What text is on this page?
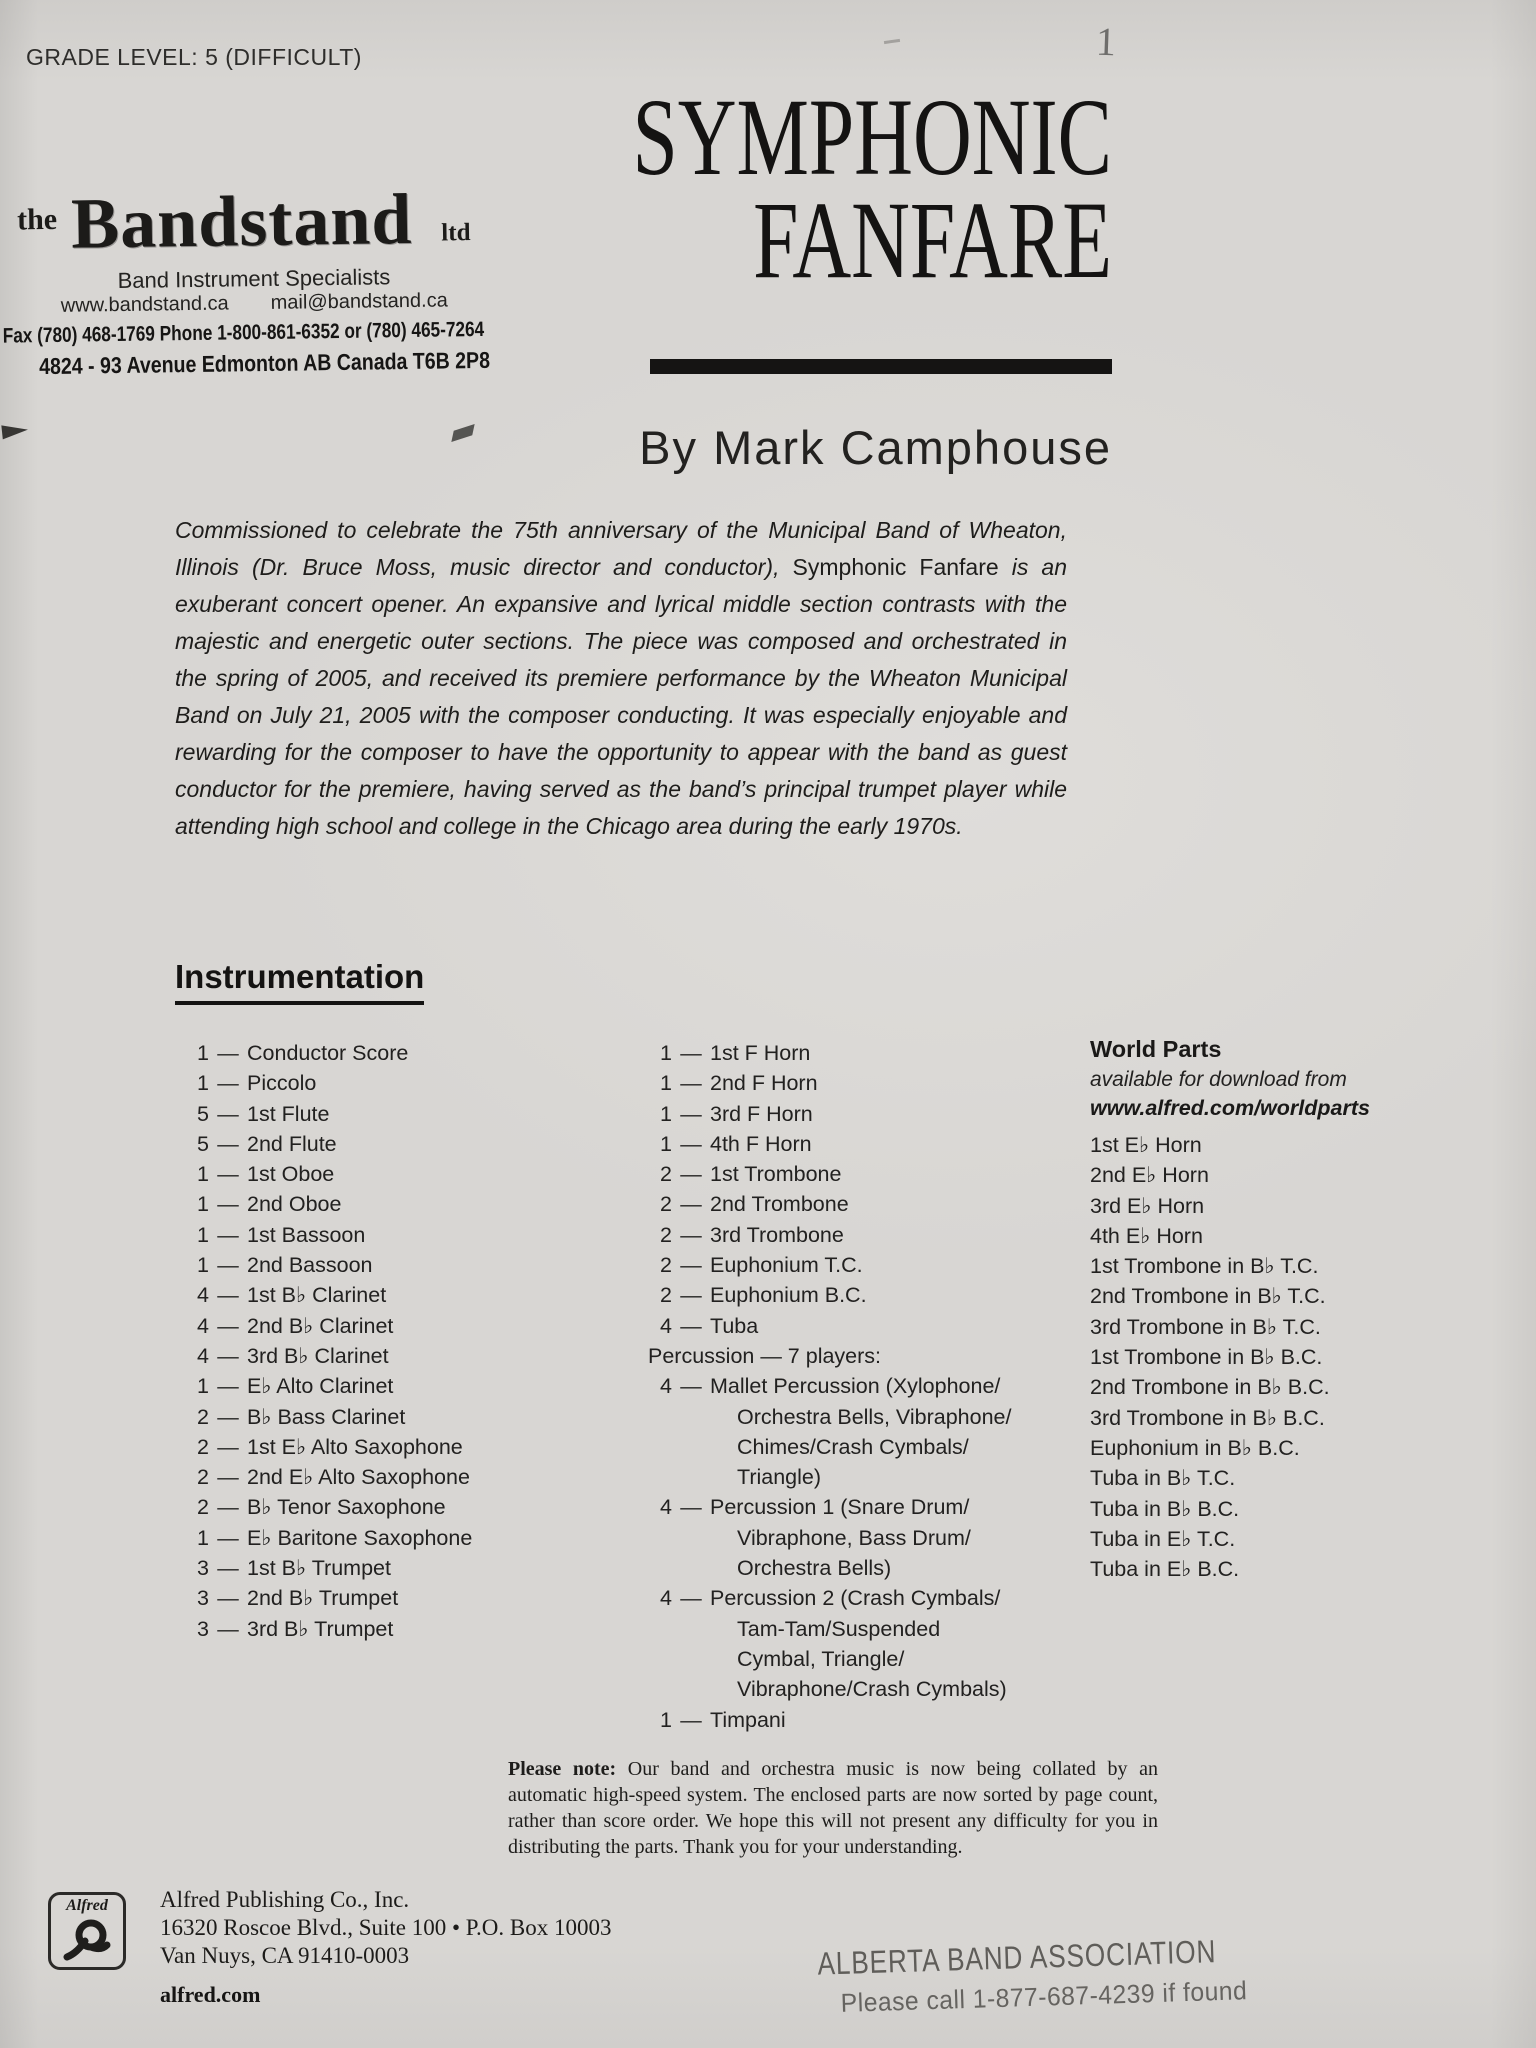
GRADE LEVEL: 5 (DIFFICULT)	1
the Bandstand ltd
Band Instrument Specialists
www.bandstand.ca mail@bandstand.ca
Fax (780) 468-1769 Phone 1-800-861-6352 or (780) 465-7264
4824 - 93 Avenue Edmonton AB Canada T6B 2P8
SYMPHONIC
FANFARE
By Mark Camphouse
Commissioned to celebrate the 75th anniversary of the Municipal Band of Wheaton, Illinois (Dr. Bruce Moss, music director and conductor), Symphonic Fanfare is an exuberant concert opener. An expansive and lyrical middle section contrasts with the majestic and energetic outer sections. The piece was composed and orchestrated in the spring of 2005, and received its premiere performance by the Wheaton Municipal Band on July 21, 2005 with the composer conducting. It was especially enjoyable and rewarding for the composer to have the opportunity to appear with the band as guest conductor for the premiere, having served as the band’s principal trumpet player while attending high school and college in the Chicago area during the early 1970s.
Instrumentation
1 — Conductor Score
1 — Piccolo
5 — 1st Flute
5 — 2nd Flute
1 — 1st Oboe
1 — 2nd Oboe
1 — 1st Bassoon
1 — 2nd Bassoon
4 — 1st B♭ Clarinet
4 — 2nd B♭ Clarinet
4 — 3rd B♭ Clarinet
1 — E♭ Alto Clarinet
2 — B♭ Bass Clarinet
2 — 1st E♭ Alto Saxophone
2 — 2nd E♭ Alto Saxophone
2 — B♭ Tenor Saxophone
1 — E♭ Baritone Saxophone
3 — 1st B♭ Trumpet
3 — 2nd B♭ Trumpet
3 — 3rd B♭ Trumpet
1 — 1st F Horn
1 — 2nd F Horn
1 — 3rd F Horn
1 — 4th F Horn
2 — 1st Trombone
2 — 2nd Trombone
2 — 3rd Trombone
2 — Euphonium T.C.
2 — Euphonium B.C.
4 — Tuba
Percussion — 7 players:
4 — Mallet Percussion (Xylophone/
Orchestra Bells, Vibraphone/
Chimes/Crash Cymbals/
Triangle)
4 — Percussion 1 (Snare Drum/
Vibraphone, Bass Drum/
Orchestra Bells)
4 — Percussion 2 (Crash Cymbals/
Tam-Tam/Suspended
Cymbal, Triangle/
Vibraphone/Crash Cymbals)
1 — Timpani
World Parts
available for download from
www.alfred.com/worldparts
1st E♭ Horn
2nd E♭ Horn
3rd E♭ Horn
4th E♭ Horn
1st Trombone in B♭ T.C.
2nd Trombone in B♭ T.C.
3rd Trombone in B♭ T.C.
1st Trombone in B♭ B.C.
2nd Trombone in B♭ B.C.
3rd Trombone in B♭ B.C.
Euphonium in B♭ B.C.
Tuba in B♭ T.C.
Tuba in B♭ B.C.
Tuba in E♭ T.C.
Tuba in E♭ B.C.
Please note: Our band and orchestra music is now being collated by an automatic high-speed system. The enclosed parts are now sorted by page count, rather than score order. We hope this will not present any difficulty for you in distributing the parts. Thank you for your understanding.
Alfred	Alfred Publishing Co., Inc.
16320 Roscoe Blvd., Suite 100 • P.O. Box 10003
Van Nuys, CA 91410-0003
alfred.com
ALBERTA BAND ASSOCIATION
Please call 1-877-687-4239 if found
